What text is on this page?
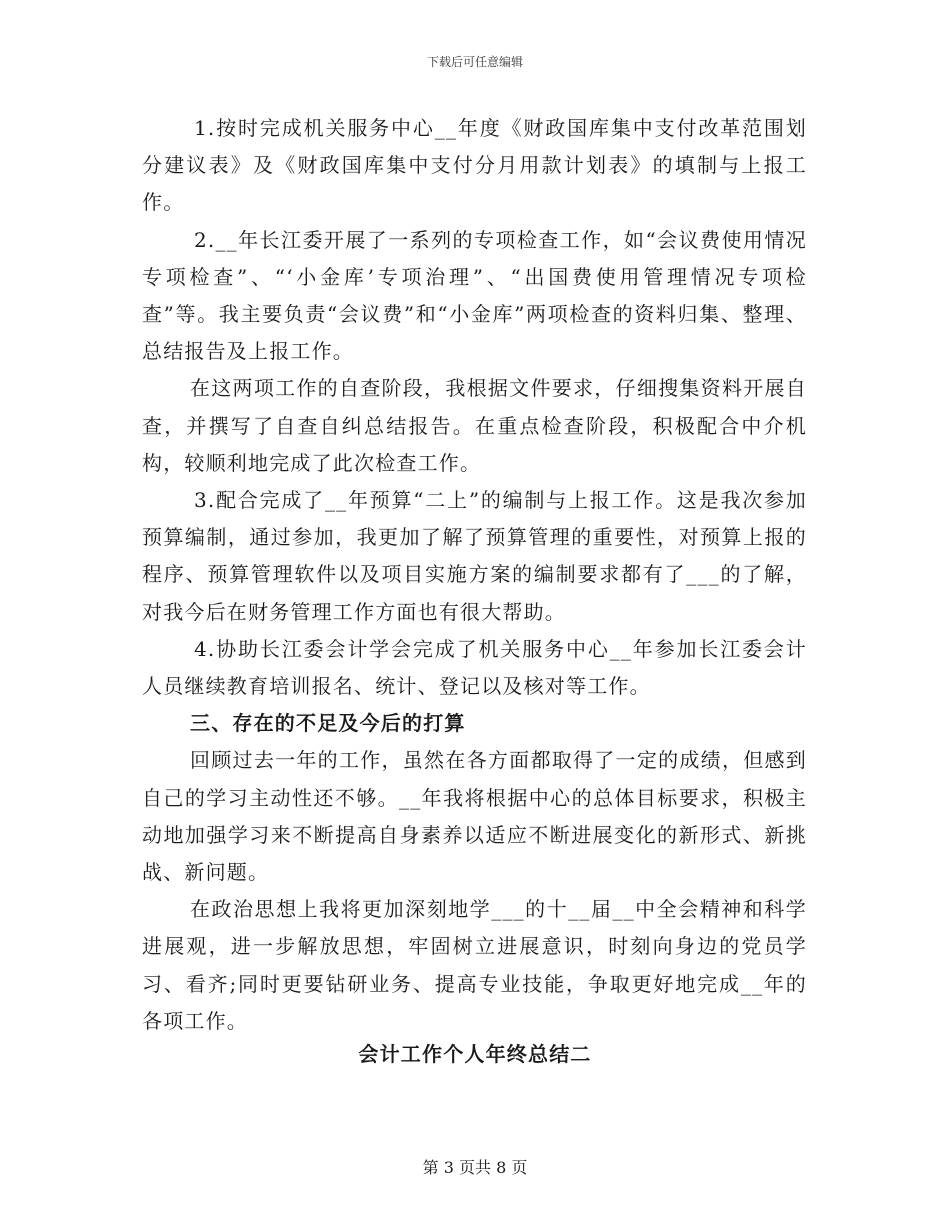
下载后可任意编辑

1.按时完成机关服务中心__年度《财政国库集中支付改革范围划分建议表》及《财政国库集中支付分月用款计划表》的填制与上报工作。

2.__年长江委开展了一系列的专项检查工作，如“会议费使用情况专项检查”、“‘小金库’专项治理”、“出国费使用管理情况专项检查”等。我主要负责“会议费”和“小金库”两项检查的资料归集、整理、总结报告及上报工作。

在这两项工作的自查阶段，我根据文件要求，仔细搜集资料开展自查，并撰写了自查自纠总结报告。在重点检查阶段，积极配合中介机构，较顺利地完成了此次检查工作。

3.配合完成了__年预算“二上”的编制与上报工作。这是我次参加预算编制，通过参加，我更加了解了预算管理的重要性，对预算上报的程序、预算管理软件以及项目实施方案的编制要求都有了___的了解，对我今后在财务管理工作方面也有很大帮助。

4.协助长江委会计学会完成了机关服务中心__年参加长江委会计人员继续教育培训报名、统计、登记以及核对等工作。

三、存在的不足及今后的打算

回顾过去一年的工作，虽然在各方面都取得了一定的成绩，但感到自己的学习主动性还不够。__年我将根据中心的总体目标要求，积极主动地加强学习来不断提高自身素养以适应不断进展变化的新形式、新挑战、新问题。

在政治思想上我将更加深刻地学___的十__届__中全会精神和科学进展观，进一步解放思想，牢固树立进展意识，时刻向身边的党员学习、看齐;同时更要钻研业务、提高专业技能，争取更好地完成__年的各项工作。

会计工作个人年终总结二
第 3 页共 8 页
